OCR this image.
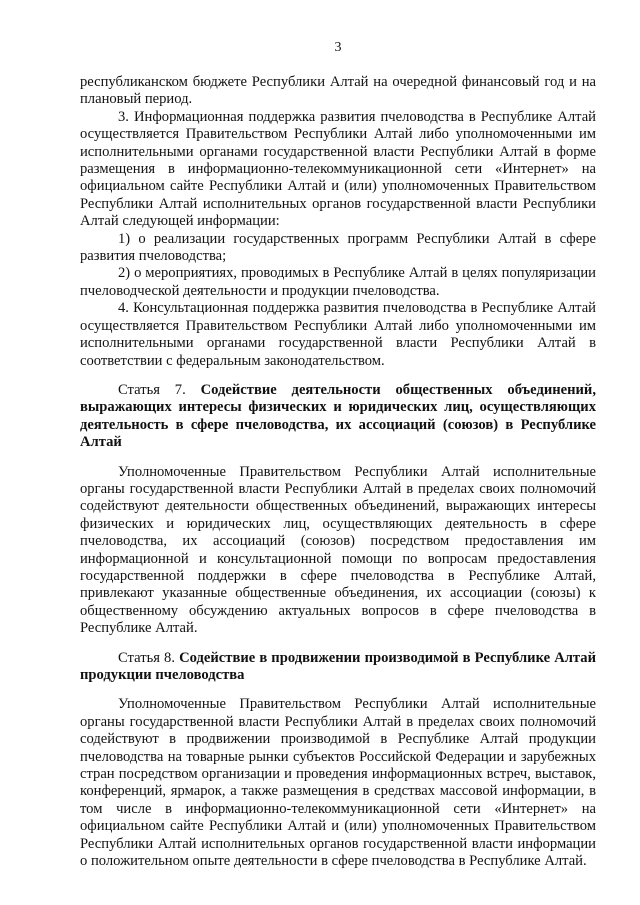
3

республиканском бюджете Республики Алтай на очередной финансовый год и на плановый период.

3. Информационная поддержка развития пчеловодства в Республике Алтай осуществляется Правительством Республики Алтай либо уполномоченными им исполнительными органами государственной власти Республики Алтай в форме размещения в информационно-телекоммуникационной сети «Интернет» на официальном сайте Республики Алтай и (или) уполномоченных Правительством Республики Алтай исполнительных органов государственной власти Республики Алтай следующей информации:

1) о реализации государственных программ Республики Алтай в сфере развития пчеловодства;

2) о мероприятиях, проводимых в Республике Алтай в целях популяризации пчеловодческой деятельности и продукции пчеловодства.

4. Консультационная поддержка развития пчеловодства в Республике Алтай осуществляется Правительством Республики Алтай либо уполномоченными им исполнительными органами государственной власти Республики Алтай в соответствии с федеральным законодательством.

Статья 7. Содействие деятельности общественных объединений, выражающих интересы физических и юридических лиц, осуществляющих деятельность в сфере пчеловодства, их ассоциаций (союзов) в Республике Алтай

Уполномоченные Правительством Республики Алтай исполнительные органы государственной власти Республики Алтай в пределах своих полномочий содействуют деятельности общественных объединений, выражающих интересы физических и юридических лиц, осуществляющих деятельность в сфере пчеловодства, их ассоциаций (союзов) посредством предоставления им информационной и консультационной помощи по вопросам предоставления государственной поддержки в сфере пчеловодства в Республике Алтай, привлекают указанные общественные объединения, их ассоциации (союзы) к общественному обсуждению актуальных вопросов в сфере пчеловодства в Республике Алтай.

Статья 8. Содействие в продвижении производимой в Республике Алтай продукции пчеловодства

Уполномоченные Правительством Республики Алтай исполнительные органы государственной власти Республики Алтай в пределах своих полномочий содействуют в продвижении производимой в Республике Алтай продукции пчеловодства на товарные рынки субъектов Российской Федерации и зарубежных стран посредством организации и проведения информационных встреч, выставок, конференций, ярмарок, а также размещения в средствах массовой информации, в том числе в информационно-телекоммуникационной сети «Интернет» на официальном сайте Республики Алтай и (или) уполномоченных Правительством Республики Алтай исполнительных органов государственной власти информации о положительном опыте деятельности в сфере пчеловодства в Республике Алтай.
